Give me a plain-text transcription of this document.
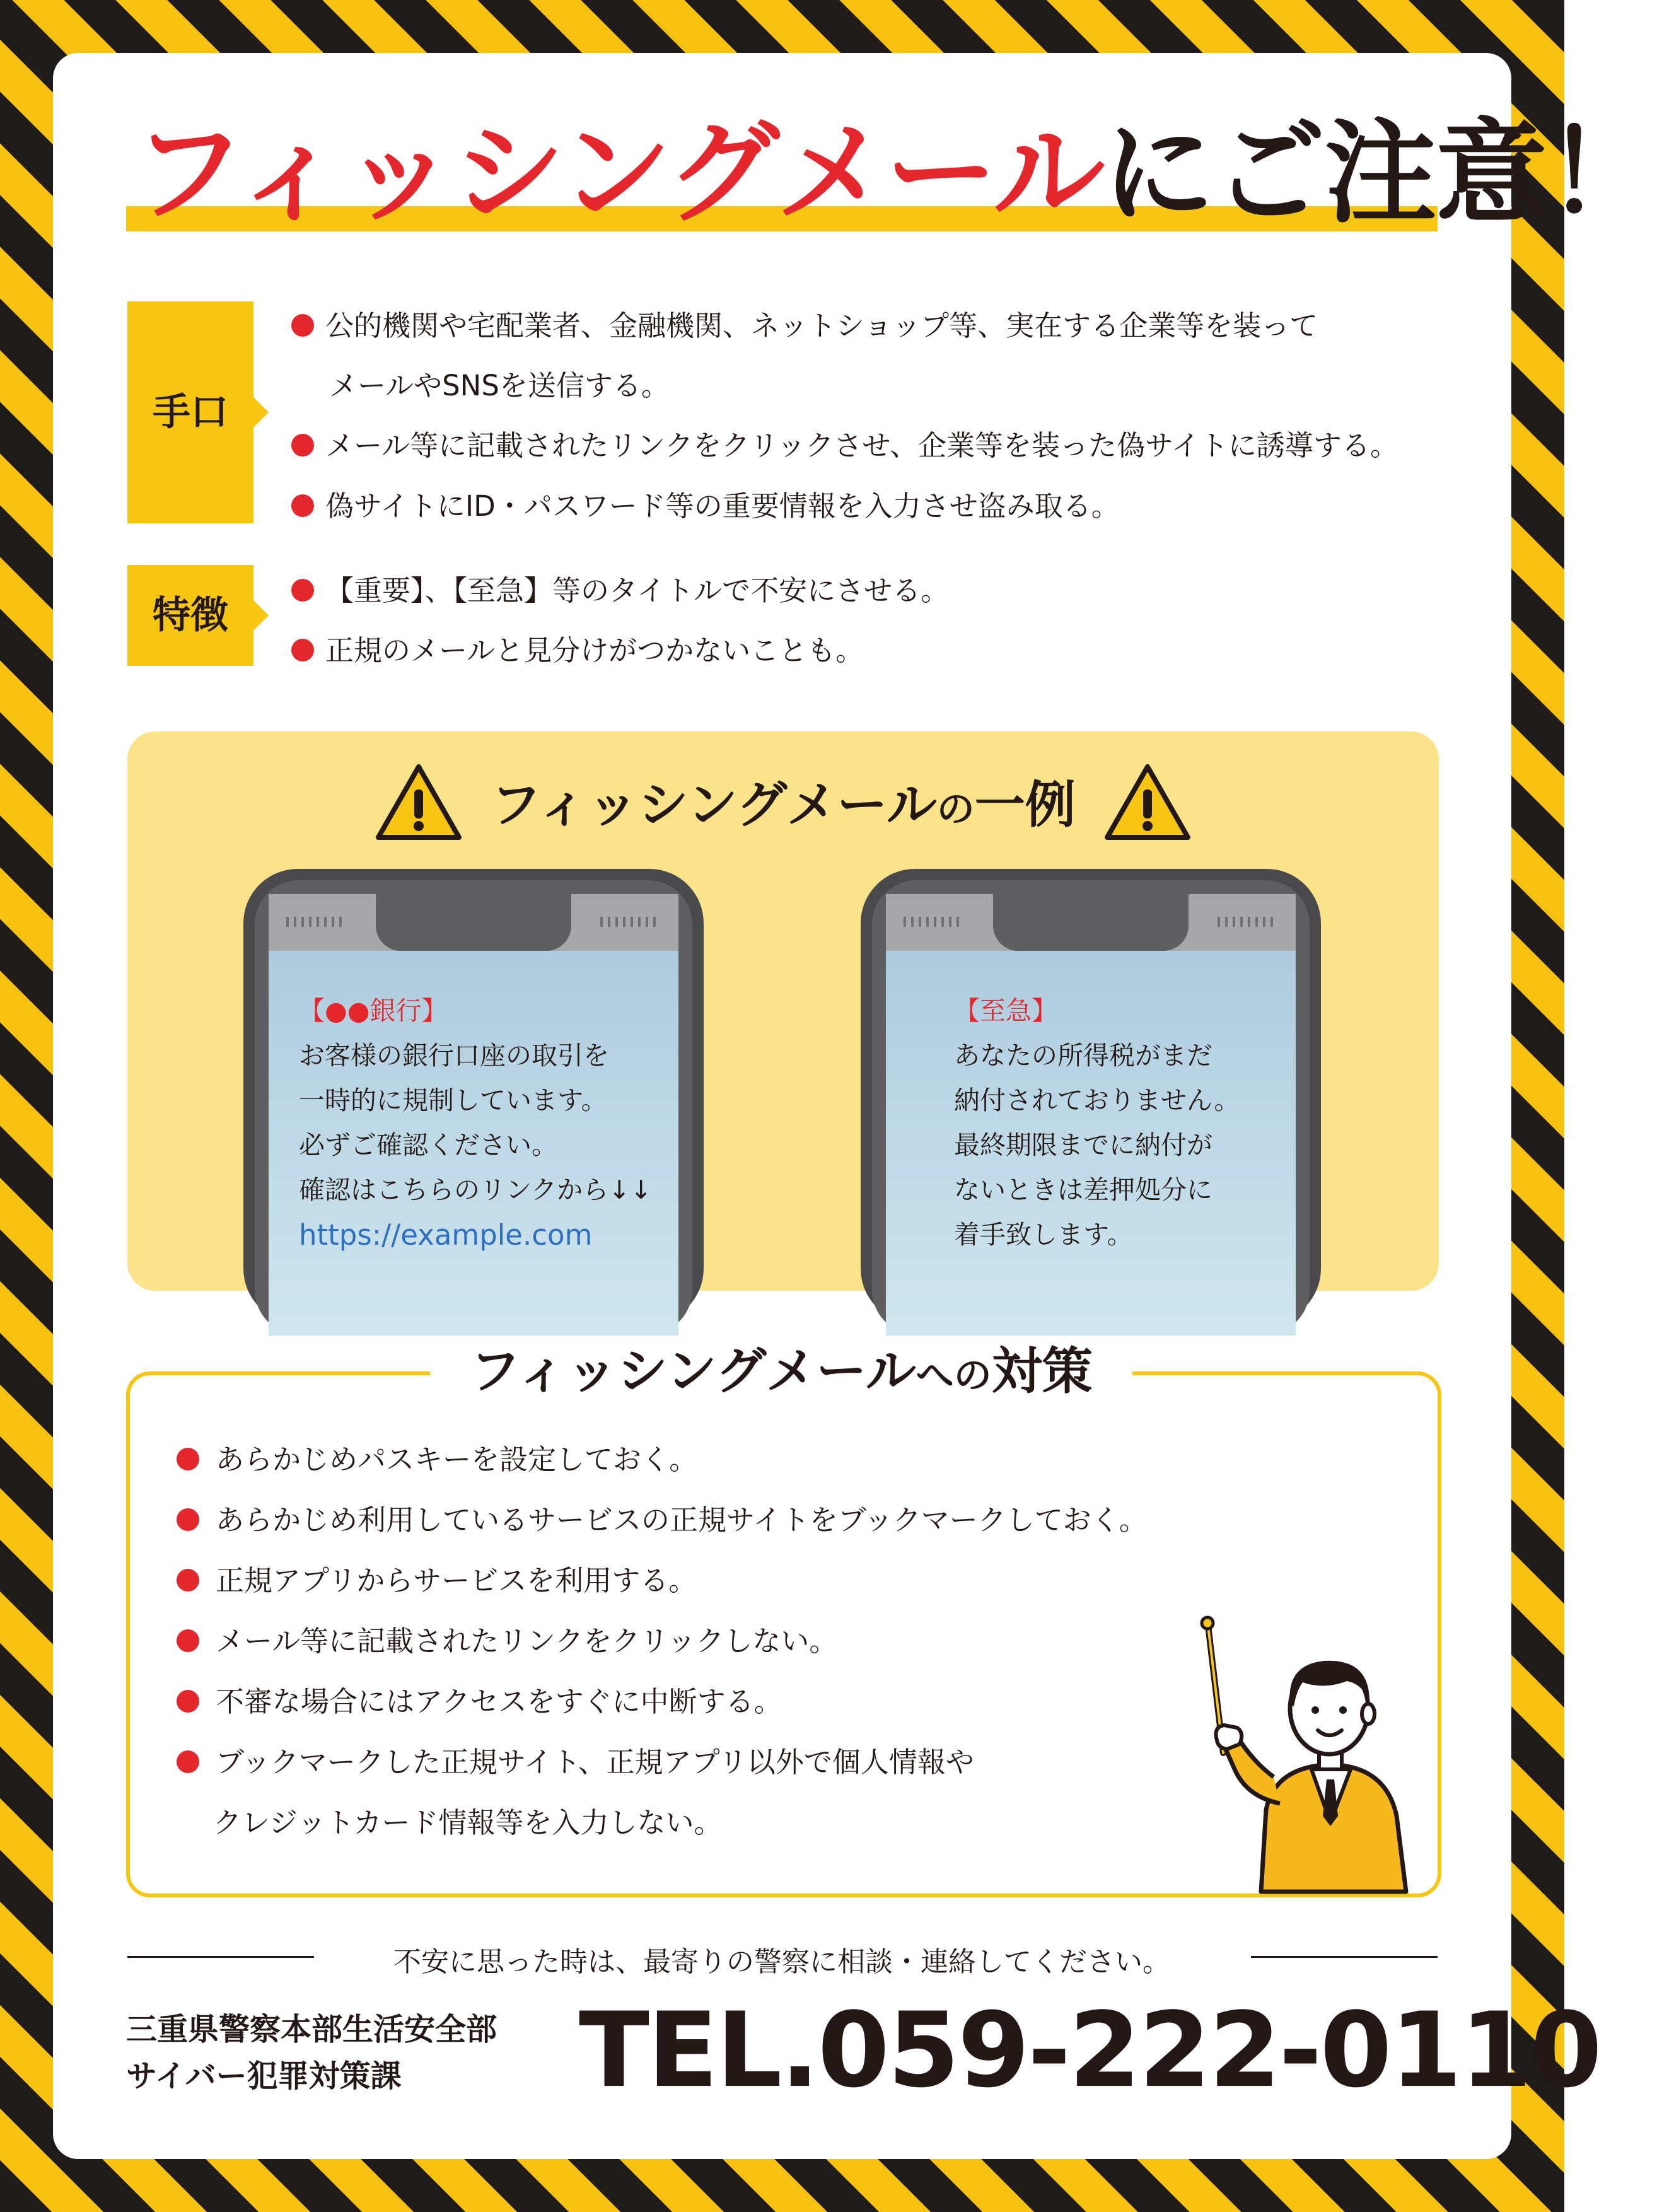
フィッシングメールにご注意！
手口
公的機関や宅配業者、金融機関、ネットショップ等、実在する企業等を装って
メールやSNSを送信する。
メール等に記載されたリンクをクリックさせ、企業等を装った偽サイトに誘導する。
偽サイトにID・パスワード等の重要情報を入力させ盗み取る。
特徴
【重要】、【至急】等のタイトルで不安にさせる。
正規のメールと見分けがつかないことも。
フィッシングメールの一例
【●●銀行】
お客様の銀行口座の取引を
一時的に規制しています。
必ずご確認ください。
確認はこちらのリンクから↓↓
https://example.com
【至急】
あなたの所得税がまだ
納付されておりません。
最終期限までに納付が
ないときは差押処分に
着手致します。
フィッシングメールへの対策
あらかじめパスキーを設定しておく。
あらかじめ利用しているサービスの正規サイトをブックマークしておく。
正規アプリからサービスを利用する。
メール等に記載されたリンクをクリックしない。
不審な場合にはアクセスをすぐに中断する。
ブックマークした正規サイト、正規アプリ以外で個人情報や
クレジットカード情報等を入力しない。
不安に思った時は、最寄りの警察に相談・連絡してください。
三重県警察本部生活安全部
サイバー犯罪対策課 TEL.059-222-0110
